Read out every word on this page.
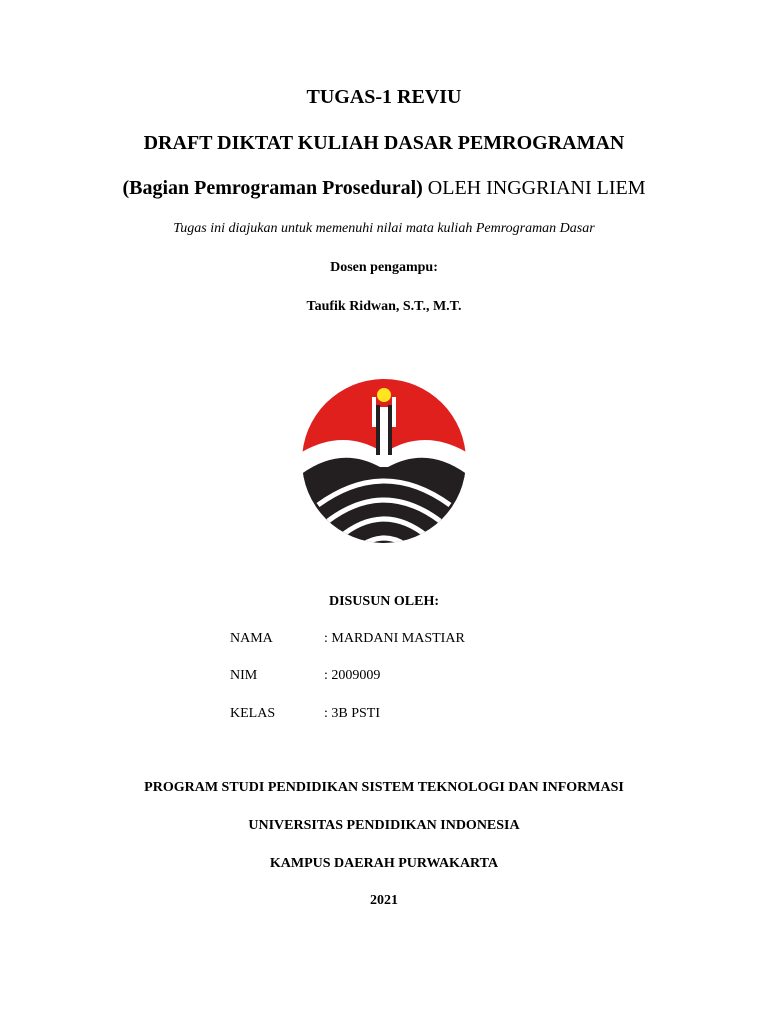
TUGAS-1 REVIU
DRAFT DIKTAT KULIAH DASAR PEMROGRAMAN
(Bagian Pemrograman Prosedural) OLEH INGGRIANI LIEM
Tugas ini diajukan untuk memenuhi nilai mata kuliah Pemrograman Dasar
Dosen pengampu:
Taufik Ridwan, S.T., M.T.
DISUSUN OLEH:
NAMA	: MARDANI MASTIAR
NIM	: 2009009
KELAS	: 3B PSTI
PROGRAM STUDI PENDIDIKAN SISTEM TEKNOLOGI DAN INFORMASI
UNIVERSITAS PENDIDIKAN INDONESIA
KAMPUS DAERAH PURWAKARTA
2021
